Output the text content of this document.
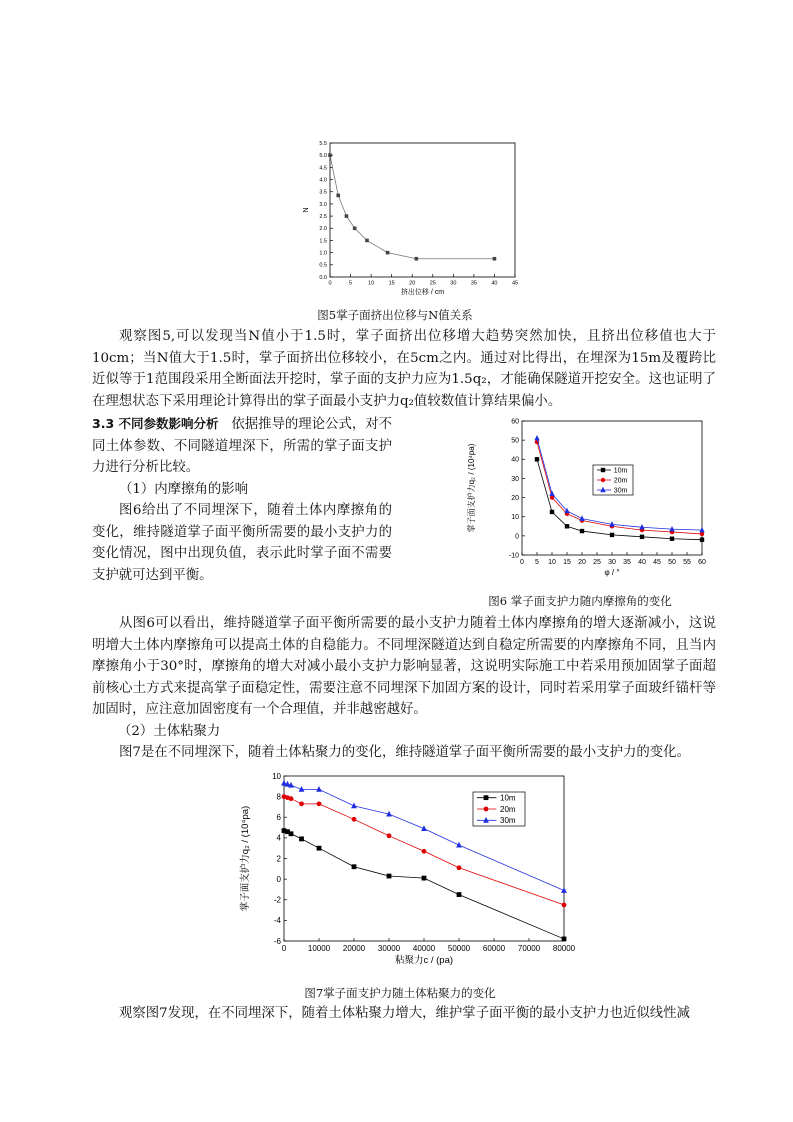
0	5	10	15	20	25	30	35	40	45
0.0
0.5
1.0
1.5
2.0
2.5
3.0
3.5
4.0
4.5
5.0
5.5
挤出位移 / cm
N
图5掌子面挤出位移与N值关系
观察图5,可以发现当N值小于1.5时，掌子面挤出位移增大趋势突然加快，且挤出位移值也大于10cm；当N值大于1.5时，掌子面挤出位移较小，在5cm之内。通过对比得出，在埋深为15m及覆跨比近似等于1范围段采用全断面法开挖时，掌子面的支护力应为1.5q₂，才能确保隧道开挖安全。这也证明了在理想状态下采用理论计算得出的掌子面最小支护力q₂值较数值计算结果偏小。
3.3 不同参数影响分析 依据推导的理论公式，对不同土体参数、不同隧道埋深下，所需的掌子面支护力进行分析比较。
（1）内摩擦角的影响
图6给出了不同埋深下，随着土体内摩擦角的变化，维持隧道掌子面平衡所需要的最小支护力的变化情况，图中出现负值，表示此时掌子面不需要支护就可达到平衡。
0 5 10 15 20 25 30 35 40 45 50 55 60
-10
0
10
20
30
40
50
60
φ / °
掌子面支护力q₂ / (10⁴pa)	10m
20m
30m
图6 掌子面支护力随内摩擦角的变化
从图6可以看出，维持隧道掌子面平衡所需要的最小支护力随着土体内摩擦角的增大逐渐减小，这说明增大土体内摩擦角可以提高土体的自稳能力。不同埋深隧道达到自稳定所需要的内摩擦角不同，且当内摩擦角小于30°时，摩擦角的增大对减小最小支护力影响显著，这说明实际施工中若采用预加固掌子面超前核心土方式来提高掌子面稳定性，需要注意不同埋深下加固方案的设计，同时若采用掌子面玻纤锚杆等加固时，应注意加固密度有一个合理值，并非越密越好。
（2）土体粘聚力
图7是在不同埋深下，随着土体粘聚力的变化，维持隧道掌子面平衡所需要的最小支护力的变化。
0	10000 20000 30000 40000 50000 60000 70000 80000
-6
-4
-2
0
2
4
6
8
10
粘聚力c / (pa)
掌子面支护力q₂ / (10⁴pa)
10m
20m
30m
图7掌子面支护力随土体粘聚力的变化
观察图7发现，在不同埋深下，随着土体粘聚力增大，维护掌子面平衡的最小支护力也近似线性减
